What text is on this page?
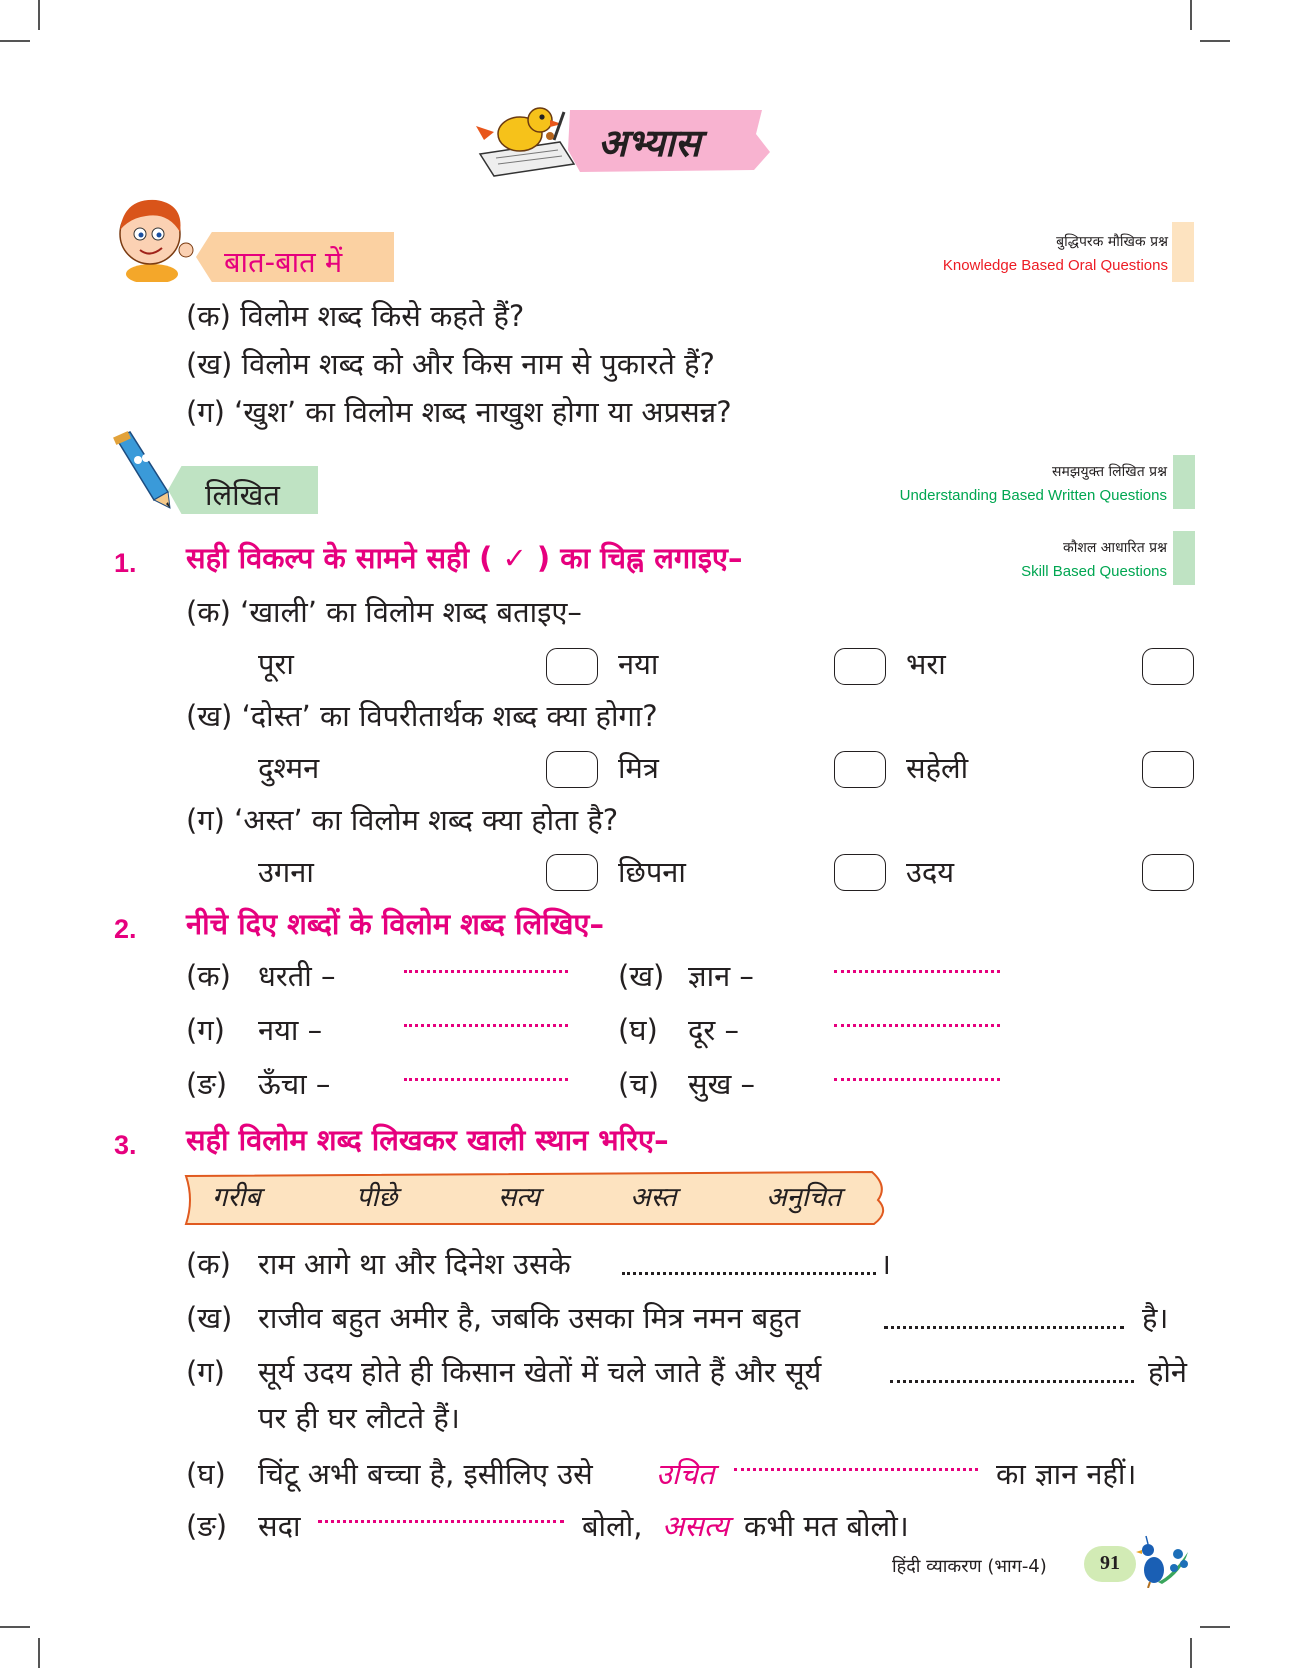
अभ्यास
बात-बात में
बुद्धिपरक मौखिक प्रश्न
Knowledge Based Oral Questions
(क) विलोम शब्द किसे कहते हैं?
(ख) विलोम शब्द को और किस नाम से पुकारते हैं?
(ग) ‘खुश’ का विलोम शब्द नाखुश होगा या अप्रसन्न?
लिखित
समझयुक्त लिखित प्रश्न
Understanding Based Written Questions
कौशल आधारित प्रश्न
Skill Based Questions
1. सही विकल्प के सामने सही ( ✓ ) का चिह्न लगाइए–
(क) ‘खाली’ का विलोम शब्द बताइए–
पूरा	नया	भरा
(ख) ‘दोस्त’ का विपरीतार्थक शब्द क्या होगा?
दुश्मन	मित्र	सहेली
(ग) ‘अस्त’ का विलोम शब्द क्या होता है?
उगना	छिपना	उदय
2. नीचे दिए शब्दों के विलोम शब्द लिखिए–
(क) धरती –	(ख) ज्ञान –
(ग) नया –	(घ) दूर –
(ङ) ऊँचा –	(च) सुख –
3. सही विलोम शब्द लिखकर खाली स्थान भरिए–
गरीब	पीछे	सत्य	अस्त	अनुचित
(क) राम आगे था और दिनेश उसके	।
(ख) राजीव बहुत अमीर है, जबकि उसका मित्र नमन बहुत	है।
(ग) सूर्य उदय होते ही किसान खेतों में चले जाते हैं और सूर्य	होने
पर ही घर लौटते हैं।
(घ) चिंटू अभी बच्चा है, इसीलिए उसे उचित	का ज्ञान नहीं।
(ङ) सदा	बोलो, असत्य कभी मत बोलो।
हिंदी व्याकरण (भाग-4)	91
